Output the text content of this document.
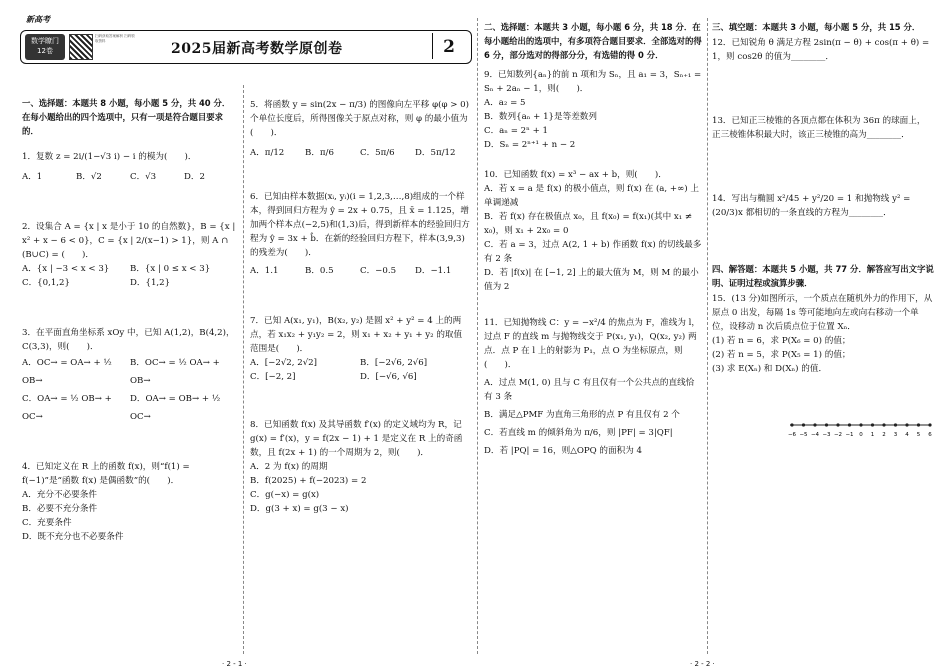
新高考
数学瞭门
12卷
扫码获取答案解析 扫码领取资料	2025届新高考数学原创卷	2
一、选择题：本题共 8 小题，每小题 5 分，共 40 分．在每小题给出的四个选项中，只有一项是符合题目要求的．
1．复数 z = 2i/(1−√3 i) − i 的模为(　　)．
A．1	B．√2	C．√3	D．2
2．设集合 A = {x | x 是小于 10 的自然数}，B = {x | x² + x − 6 < 0}，C = {x | 2/(x−1) > 1}，则 A ∩ (B∪C) = (　　)．
A．{x | −3 < x < 3}	B．{x | 0 ≤ x < 3}
C．{0,1,2}	D．{1,2}
3．在平面直角坐标系 xOy 中，已知 A(1,2)，B(4,2)，C(3,3)，则(　　)．
A．OC→ = OA→ + ½ OB→
B．OC→ = ½ OA→ + OB→
C．OA→ = ½ OB→ + OC→
D．OA→ = OB→ + ½ OC→
4．已知定义在 R 上的函数 f(x)，则“f(1) = f(−1)”是“函数 f(x) 是偶函数”的(　　)．
A．充分不必要条件
B．必要不充分条件
C．充要条件
D．既不充分也不必要条件
5．将函数 y = sin(2x − π/3) 的图像向左平移 φ(φ > 0) 个单位长度后，所得图像关于原点对称，则 φ 的最小值为(　　)．
A．π/12	B．π/6	C．5π/6	D．5π/12
6．已知由样本数据(xᵢ, yᵢ)(i = 1,2,3,…,8)组成的一个样本，得到回归方程为 ŷ = 2x + 0.75，且 x̄ = 1.125，增加两个样本点(−2,5)和(1,3)后，得到新样本的经验回归方程为 ŷ = 3x + b̂．在新的经验回归方程下，样本(3,9,3)的残差为(　　)．
A．1.1	B．0.5	C．−0.5	D．−1.1
7．已知 A(x₁, y₁)，B(x₂, y₂) 是圆 x² + y² = 4 上的两点，若 x₁x₂ + y₁y₂ = 2，则 x₁ + x₂ + y₁ + y₂ 的取值范围是(　　)．
A．[−2√2, 2√2]	B．[−2√6, 2√6]
C．[−2, 2]	D．[−√6, √6]
8．已知函数 f(x) 及其导函数 f′(x) 的定义域均为 R，记 g(x) = f′(x)，y = f(2x − 1) + 1 是定义在 R 上的奇函数，且 f(2x + 1) 的一个周期为 2，则(　　)．
A．2 为 f(x) 的周期
B．f(2025) + f(−2023) = 2
C．g(−x) = g(x)
D．g(3 + x) = g(3 − x)
· 2 - 1 ·
二、选择题：本题共 3 小题，每小题 6 分，共 18 分．在每小题给出的选项中，有多项符合题目要求．全部选对的得 6 分，部分选对的得部分分，有选错的得 0 分．
9．已知数列{aₙ}的前 n 项和为 Sₙ，且 a₁ = 3，Sₙ₊₁ = Sₙ + 2aₙ − 1，则(　　)．
A．a₂ = 5
B．数列{aₙ + 1}是等差数列
C．aₙ = 2ⁿ + 1
D．Sₙ = 2ⁿ⁺¹ + n − 2
10．已知函数 f(x) = x³ − ax + b，则(　　)．
A．若 x = a 是 f(x) 的极小值点，则 f(x) 在 (a, +∞) 上单调递减
B．若 f(x) 存在极值点 x₀，且 f(x₀) = f(x₁)(其中 x₁ ≠ x₀)，则 x₁ + 2x₀ = 0
C．若 a = 3，过点 A(2, 1 + b) 作函数 f(x) 的切线最多有 2 条
D．若 |f(x)| 在 [−1, 2] 上的最大值为 M，则 M 的最小值为 2
11．已知抛物线 C：y = −x²/4 的焦点为 F，准线为 l，过点 F 的直线 m 与抛物线交于 P(x₁, y₁)，Q(x₂, y₂) 两点．点 P 在 l 上的射影为 P₁，点 O 为坐标原点，则(　　)．
A．过点 M(1, 0) 且与 C 有且仅有一个公共点的直线恰有 3 条
B．满足△PMF 为直角三角形的点 P 有且仅有 2 个
C．若直线 m 的倾斜角为 π/6，则 |PF| = 3|QF|
D．若 |PQ| = 16，则△OPQ 的面积为 4
· 2 - 2 ·
三、填空题：本题共 3 小题，每小题 5 分，共 15 分．
12．已知锐角 θ 满足方程 2sin(π − θ) + cos(π + θ) = 1，则 cos2θ 的值为________．
13．已知正三棱锥的各顶点都在体积为 36π 的球面上，正三棱锥体积最大时，该正三棱锥的高为________．
14．写出与椭圆 x²/45 + y²/20 = 1 和抛物线 y² = (20/3)x 都相切的一条直线的方程为________．
四、解答题：本题共 5 小题，共 77 分．解答应写出文字说明、证明过程或演算步骤．
15．(13 分)如图所示，一个质点在随机外力的作用下，从原点 0 出发，每隔 1s 等可能地向左或向右移动一个单位，设移动 n 次后质点位于位置 Xₙ．
(1) 若 n = 6，求 P(X₆ = 0) 的值；
(2) 若 n = 5，求 P(X₅ = 1) 的值；
(3) 求 E(Xₙ) 和 D(Xₙ) 的值．
−6 −5 −4 −3 −2 −1 0 1 2 3 4 5 6
